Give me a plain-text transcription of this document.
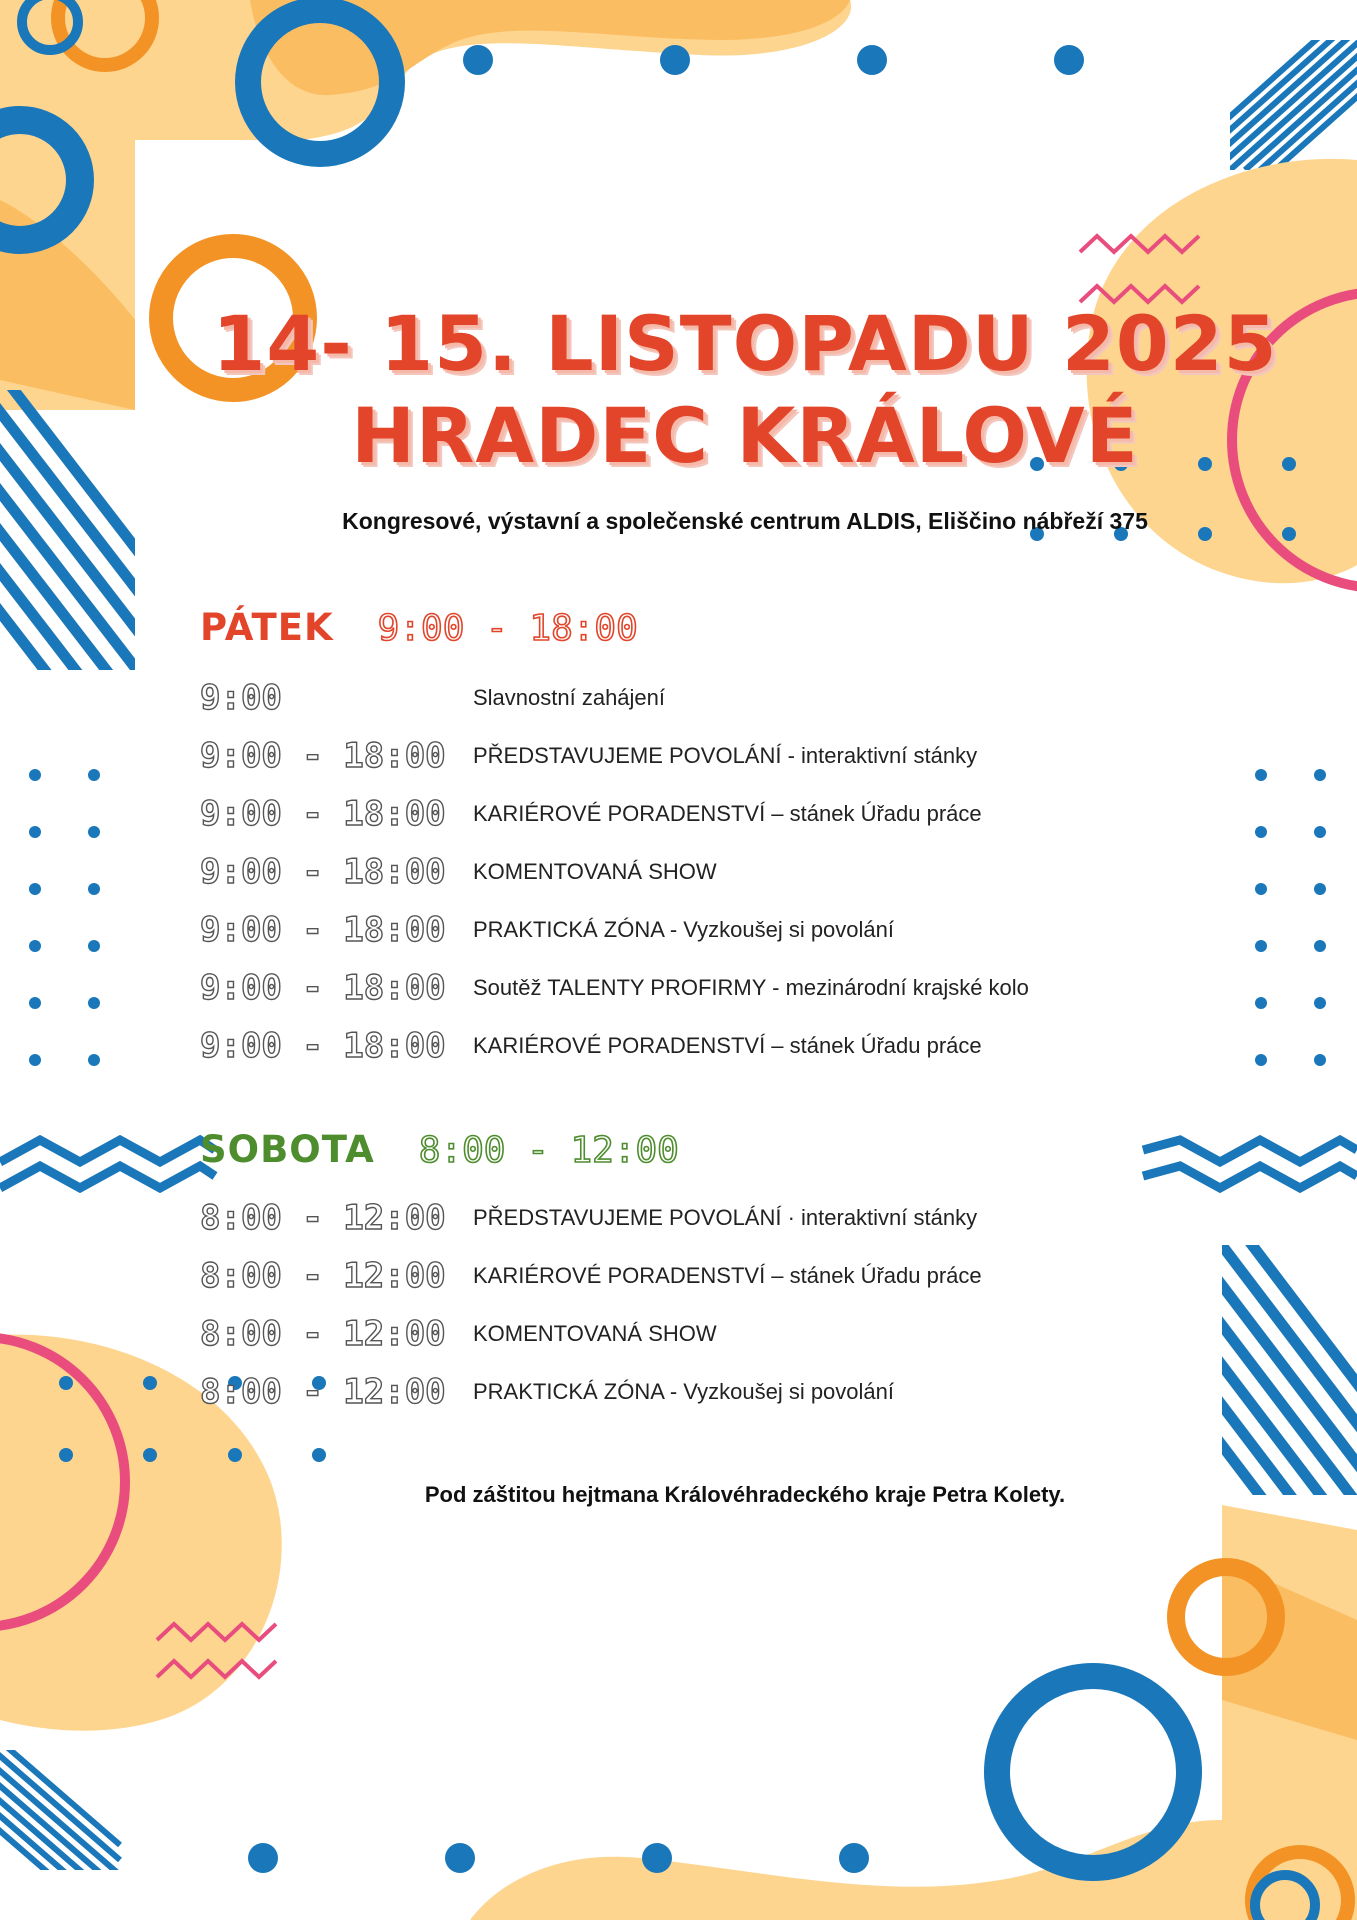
14- 15. LISTOPADU 2025
HRADEC KRÁLOVÉ
Kongresové, výstavní a společenské centrum ALDIS, Eliščino nábřeží 375
PÁTEK 9:00 - 18:00
9:00	Slavnostní zahájení
9:00 - 18:00 PŘEDSTAVUJEME POVOLÁNÍ - interaktivní stánky
9:00 - 18:00 KARIÉROVÉ PORADENSTVÍ – stánek Úřadu práce
9:00 - 18:00 KOMENTOVANÁ SHOW
9:00 - 18:00 PRAKTICKÁ ZÓNA - Vyzkoušej si povolání
9:00 - 18:00 Soutěž TALENTY PROFIRMY - mezinárodní krajské kolo
9:00 - 18:00 KARIÉROVÉ PORADENSTVÍ – stánek Úřadu práce
SOBOTA 8:00 - 12:00
8:00 - 12:00 PŘEDSTAVUJEME POVOLÁNÍ · interaktivní stánky
8:00 - 12:00 KARIÉROVÉ PORADENSTVÍ – stánek Úřadu práce
8:00 - 12:00 KOMENTOVANÁ SHOW
8:00 - 12:00 PRAKTICKÁ ZÓNA - Vyzkoušej si povolání
Pod záštitou hejtmana Královéhradeckého kraje Petra Kolety.
